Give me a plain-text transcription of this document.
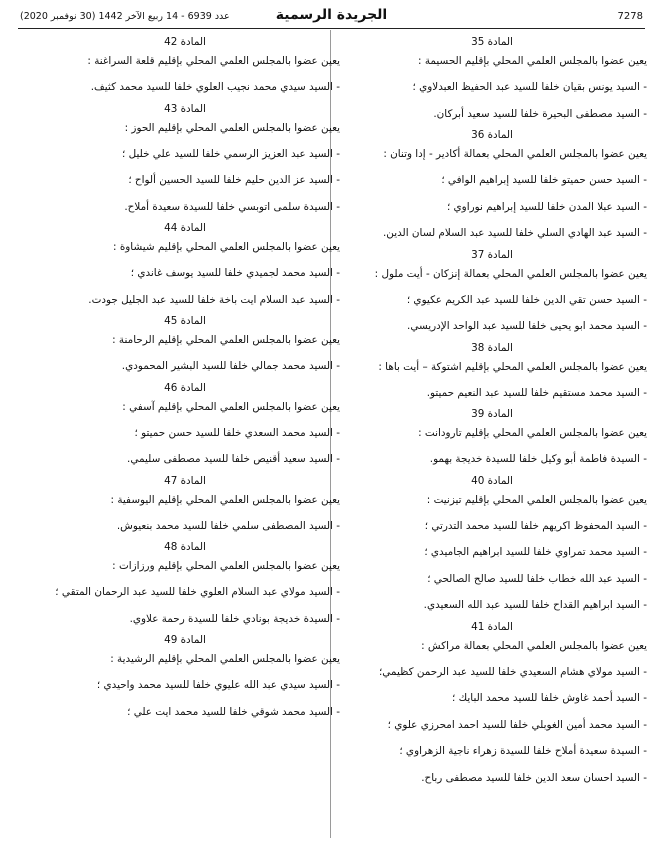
7278
الجريدة الرسمية
عدد 6939 - 14 ربيع الآخر 1442 (30 نوفمبر 2020)
المادة 35
يعين عضوا بالمجلس العلمي المحلي بإقليم الحسيمة :
- السيد يونس بقيان خلفا للسيد عبد الحفيظ العبدلاوي ؛
- السيد مصطفى البحيرة خلفا للسيد سعيد أبركان.
المادة 36
يعين عضوا بالمجلس العلمي المحلي بعمالة أكادير - إدا وتنان :
- السيد حسن حميتو خلفا للسيد إبراهيم الوافي ؛
- السيد عبلا المدن خلفا للسيد إبراهيم نوراوي ؛
- السيد عبد الهادي السلي خلفا للسيد عبد السلام لسان الدين.
المادة 37
يعين عضوا بالمجلس العلمي المحلي بعمالة إنزكان - أيت ملول :
- السيد حسن تقي الدين خلفا للسيد عبد الكريم عكيوي ؛
- السيد محمد ابو يحيى خلفا للسيد عبد الواحد الإدريسي.
المادة 38
يعين عضوا بالمجلس العلمي المحلي بإقليم اشتوكة – أيت باها :
- السيد محمد مستقيم خلفا للسيد عبد النعيم حميتو.
المادة 39
يعين عضوا بالمجلس العلمي المحلي بإقليم تارودانت :
- السيدة فاطمة أبو وكيل خلفا للسيدة خديجة بهمو.
المادة 40
يعين عضوا بالمجلس العلمي المحلي بإقليم تيزنيت :
- السيد المحفوظ اكريهم خلفا للسيد محمد التدرتي ؛
- السيد محمد تمراوي خلفا للسيد ابراهيم الجاميدي ؛
- السيد عبد الله خطاب خلفا للسيد صالح الصالحي ؛
- السيد ابراهيم القداح خلفا للسيد عبد الله السعيدي.
المادة 41
يعين عضوا بالمجلس العلمي المحلي بعمالة مراكش :
- السيد مولاي هشام السعيدي خلفا للسيد عبد الرحمن كظيمي؛
- السيد أحمد غاوش خلفا للسيد محمد البايك ؛
- السيد محمد أمين الغوبلي خلفا للسيد احمد امحرزي علوي ؛
- السيدة سعيدة أملاح خلفا للسيدة زهراء ناجية الزهراوي ؛
- السيد احسان سعد الدين خلفا للسيد مصطفى رباح.
المادة 42
يعين عضوا بالمجلس العلمي المحلي بإقليم قلعة السراغنة :
- السيد سيدي محمد نجيب العلوي خلفا للسيد محمد كثيف.
المادة 43
يعين عضوا بالمجلس العلمي المحلي بإقليم الحوز :
- السيد عبد العزيز الرسمي خلفا للسيد علي خليل ؛
- السيد عز الدين حليم خلفا للسيد الحسين ألواح ؛
- السيدة سلمى اتوبسي خلفا للسيدة سعيدة أملاح.
المادة 44
يعين عضوا بالمجلس العلمي المحلي بإقليم شيشاوة :
- السيد محمد لجميدي خلفا للسيد يوسف غاندي ؛
- السيد عبد السلام ايت باخة خلفا للسيد عبد الجليل جودت.
المادة 45
يعين عضوا بالمجلس العلمي المحلي بإقليم الرحامنة :
- السيد محمد جمالي خلفا للسيد البشير المحمودي.
المادة 46
يعين عضوا بالمجلس العلمي المحلي بإقليم آسفي :
- السيد محمد السعدي خلفا للسيد حسن حميتو ؛
- السيد سعيد أقنيص خلفا للسيد مصطفى سليمي.
المادة 47
يعين عضوا بالمجلس العلمي المحلي بإقليم اليوسفية :
- السيد المصطفى سلمي خلفا للسيد محمد بنعيوش.
المادة 48
يعين عضوا بالمجلس العلمي المحلي بإقليم ورزازات :
- السيد مولاي عبد السلام العلوي خلفا للسيد عبد الرحمان المتقي ؛
- السيدة خديجة بونادي خلفا للسيدة رحمة علاوي.
المادة 49
يعين عضوا بالمجلس العلمي المحلي بإقليم الرشيدية :
- السيد سيدي عبد الله عليوي خلفا للسيد محمد واحيدي ؛
- السيد محمد شوقي خلفا للسيد محمد ايت علي ؛
